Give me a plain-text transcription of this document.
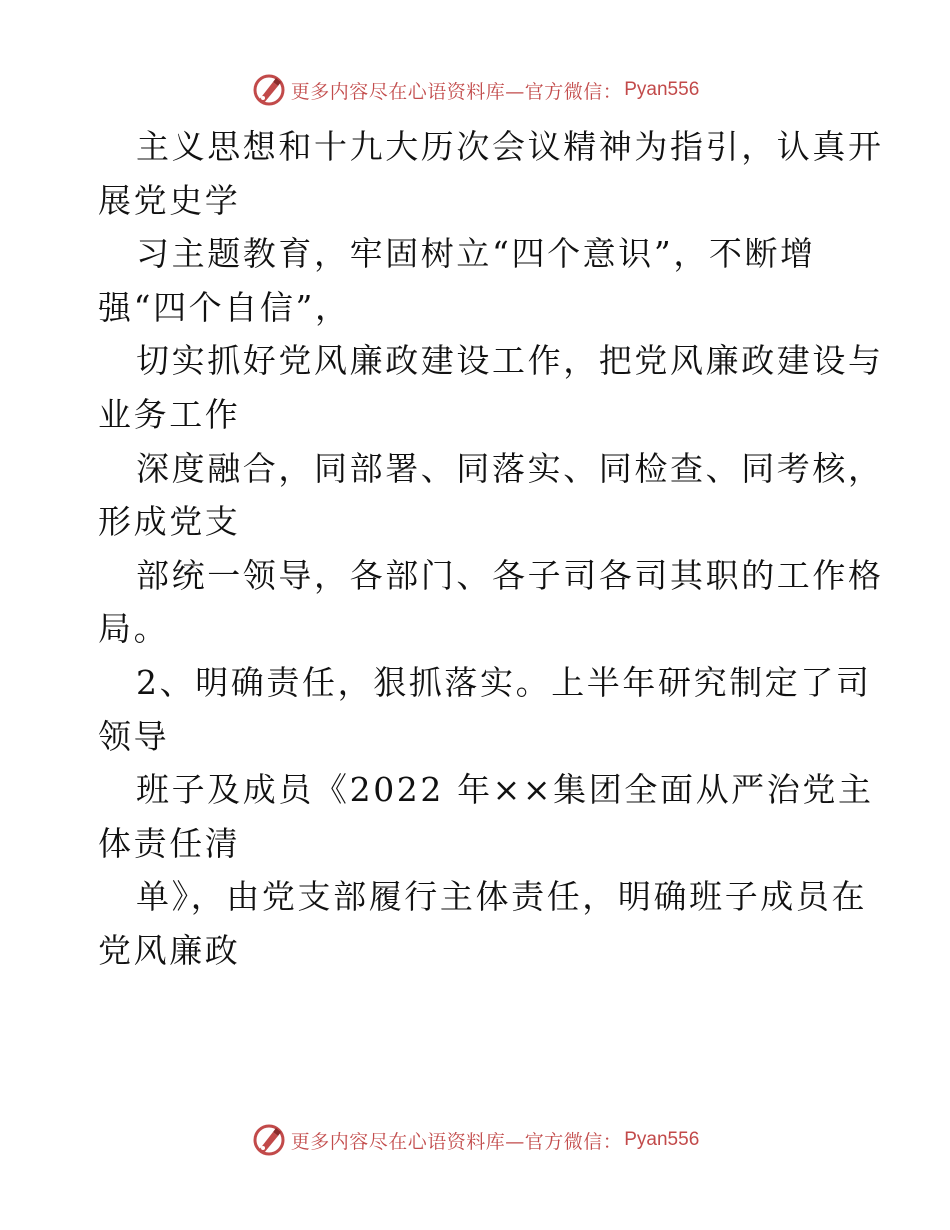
更多内容尽在心语资料库—官方微信： Pyan556
主义思想和十九大历次会议精神为指引，认真开
展党史学
习主题教育，牢固树立“四个意识”，不断增
强“四个自信”，
切实抓好党风廉政建设工作，把党风廉政建设与
业务工作
深度融合，同部署、同落实、同检查、同考核，
形成党支
部统一领导，各部门、各子司各司其职的工作格
局。
2、明确责任，狠抓落实。上半年研究制定了司
领导
班子及成员《2022 年××集团全面从严治党主
体责任清
单》，由党支部履行主体责任，明确班子成员在
党风廉政
更多内容尽在心语资料库—官方微信： Pyan556
